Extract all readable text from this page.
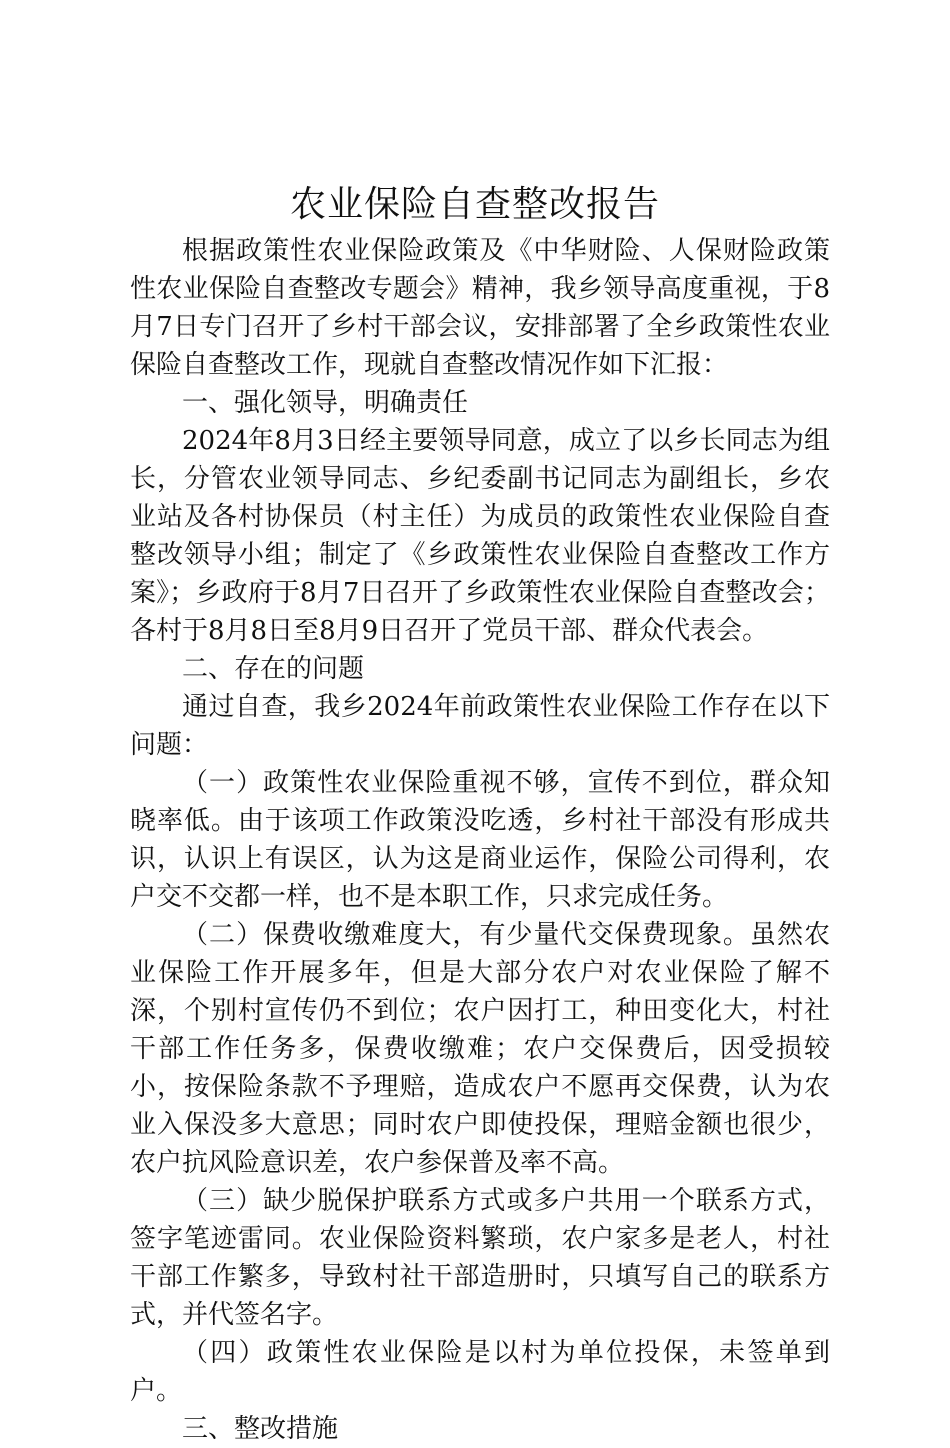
农业保险自查整改报告

根据政策性农业保险政策及《中华财险、人保财险政策性农业保险自查整改专题会》精神，我乡领导高度重视，于8月7日专门召开了乡村干部会议，安排部署了全乡政策性农业保险自查整改工作，现就自查整改情况作如下汇报：

一、强化领导，明确责任

2024年8月3日经主要领导同意，成立了以乡长同志为组长，分管农业领导同志、乡纪委副书记同志为副组长，乡农业站及各村协保员（村主任）为成员的政策性农业保险自查整改领导小组；制定了《乡政策性农业保险自查整改工作方案》；乡政府于8月7日召开了乡政策性农业保险自查整改会；各村于8月8日至8月9日召开了党员干部、群众代表会。

二、存在的问题

通过自查，我乡2024年前政策性农业保险工作存在以下问题：

（一）政策性农业保险重视不够，宣传不到位，群众知晓率低。由于该项工作政策没吃透，乡村社干部没有形成共识，认识上有误区，认为这是商业运作，保险公司得利，农户交不交都一样，也不是本职工作，只求完成任务。

（二）保费收缴难度大，有少量代交保费现象。虽然农业保险工作开展多年，但是大部分农户对农业保险了解不深，个别村宣传仍不到位；农户因打工，种田变化大，村社干部工作任务多，保费收缴难；农户交保费后，因受损较小，按保险条款不予理赔，造成农户不愿再交保费，认为农业入保没多大意思；同时农户即使投保，理赔金额也很少，农户抗风险意识差，农户参保普及率不高。

（三）缺少脱保护联系方式或多户共用一个联系方式，签字笔迹雷同。农业保险资料繁琐，农户家多是老人，村社干部工作繁多，导致村社干部造册时，只填写自己的联系方式，并代签名字。

（四）政策性农业保险是以村为单位投保，未签单到户。

三、整改措施
